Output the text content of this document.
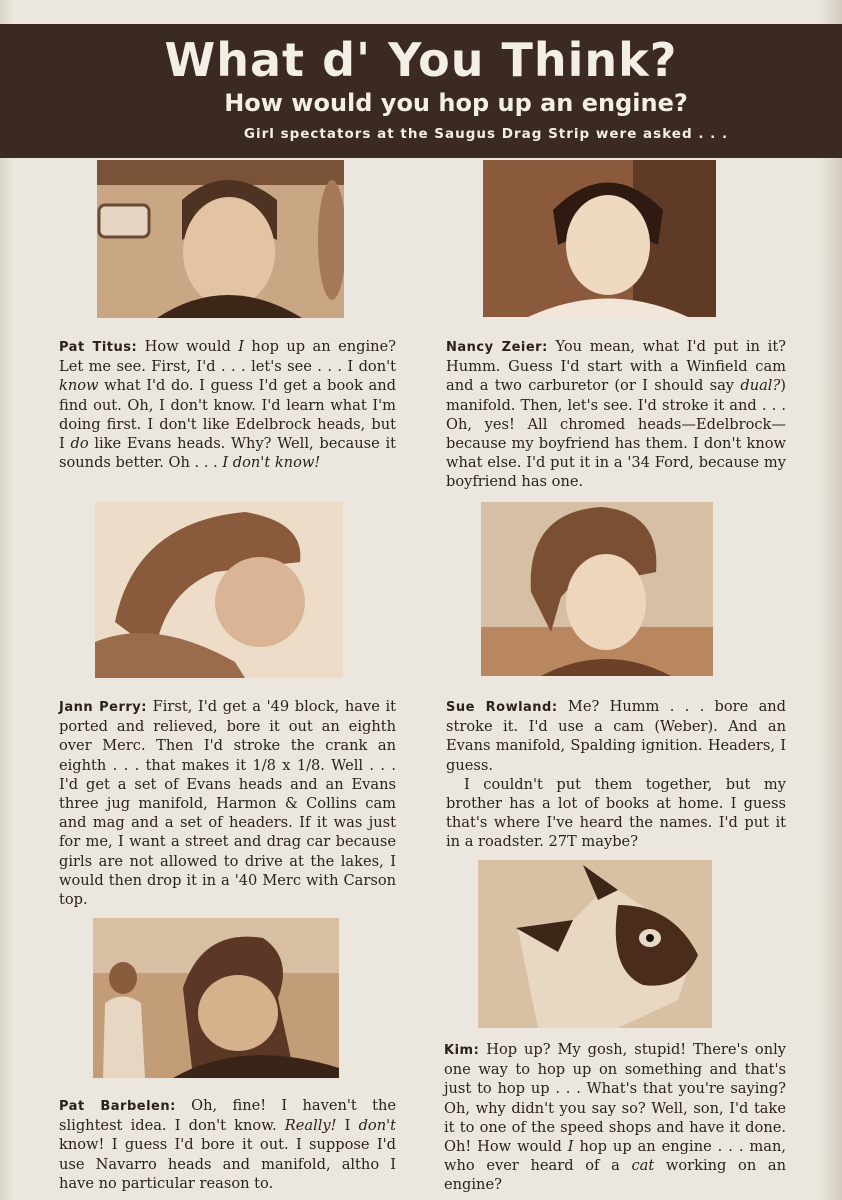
What d' You Think?
How would you hop up an engine?
Girl spectators at the Saugus Drag Strip were asked . . .
Pat Titus: How would I hop up an engine? Let me see. First, I'd . . . let's see . . . I don't know what I'd do. I guess I'd get a book and find out. Oh, I don't know. I'd learn what I'm doing first. I don't like Edelbrock heads, but I do like Evans heads. Why? Well, because it sounds better. Oh . . . I don't know!
Nancy Zeier: You mean, what I'd put in it? Humm. Guess I'd start with a Winfield cam and a two carburetor (or I should say dual?) manifold. Then, let's see. I'd stroke it and . . . Oh, yes! All chromed heads—Edelbrock—because my boyfriend has them. I don't know what else. I'd put it in a '34 Ford, because my boyfriend has one.
Jann Perry: First, I'd get a '49 block, have it ported and relieved, bore it out an eighth over Merc. Then I'd stroke the crank an eighth . . . that makes it 1/8 x 1/8. Well . . . I'd get a set of Evans heads and an Evans three jug manifold, Harmon & Collins cam and mag and a set of headers. If it was just for me, I want a street and drag car because girls are not allowed to drive at the lakes, I would then drop it in a '40 Merc with Carson top.
Sue Rowland: Me? Humm . . . bore and stroke it. I'd use a cam (Weber). And an Evans manifold, Spalding ignition. Headers, I guess.
I couldn't put them together, but my brother has a lot of books at home. I guess that's where I've heard the names. I'd put it in a roadster. 27T maybe?
Pat Barbelen: Oh, fine! I haven't the slightest idea. I don't know. Really! I don't know! I guess I'd bore it out. I suppose I'd use Navarro heads and manifold, altho I have no particular reason to.
Kim: Hop up? My gosh, stupid! There's only one way to hop up on something and that's just to hop up . . . What's that you're saying? Oh, why didn't you say so? Well, son, I'd take it to one of the speed shops and have it done. Oh! How would I hop up an engine . . . man, who ever heard of a cat working on an engine?
